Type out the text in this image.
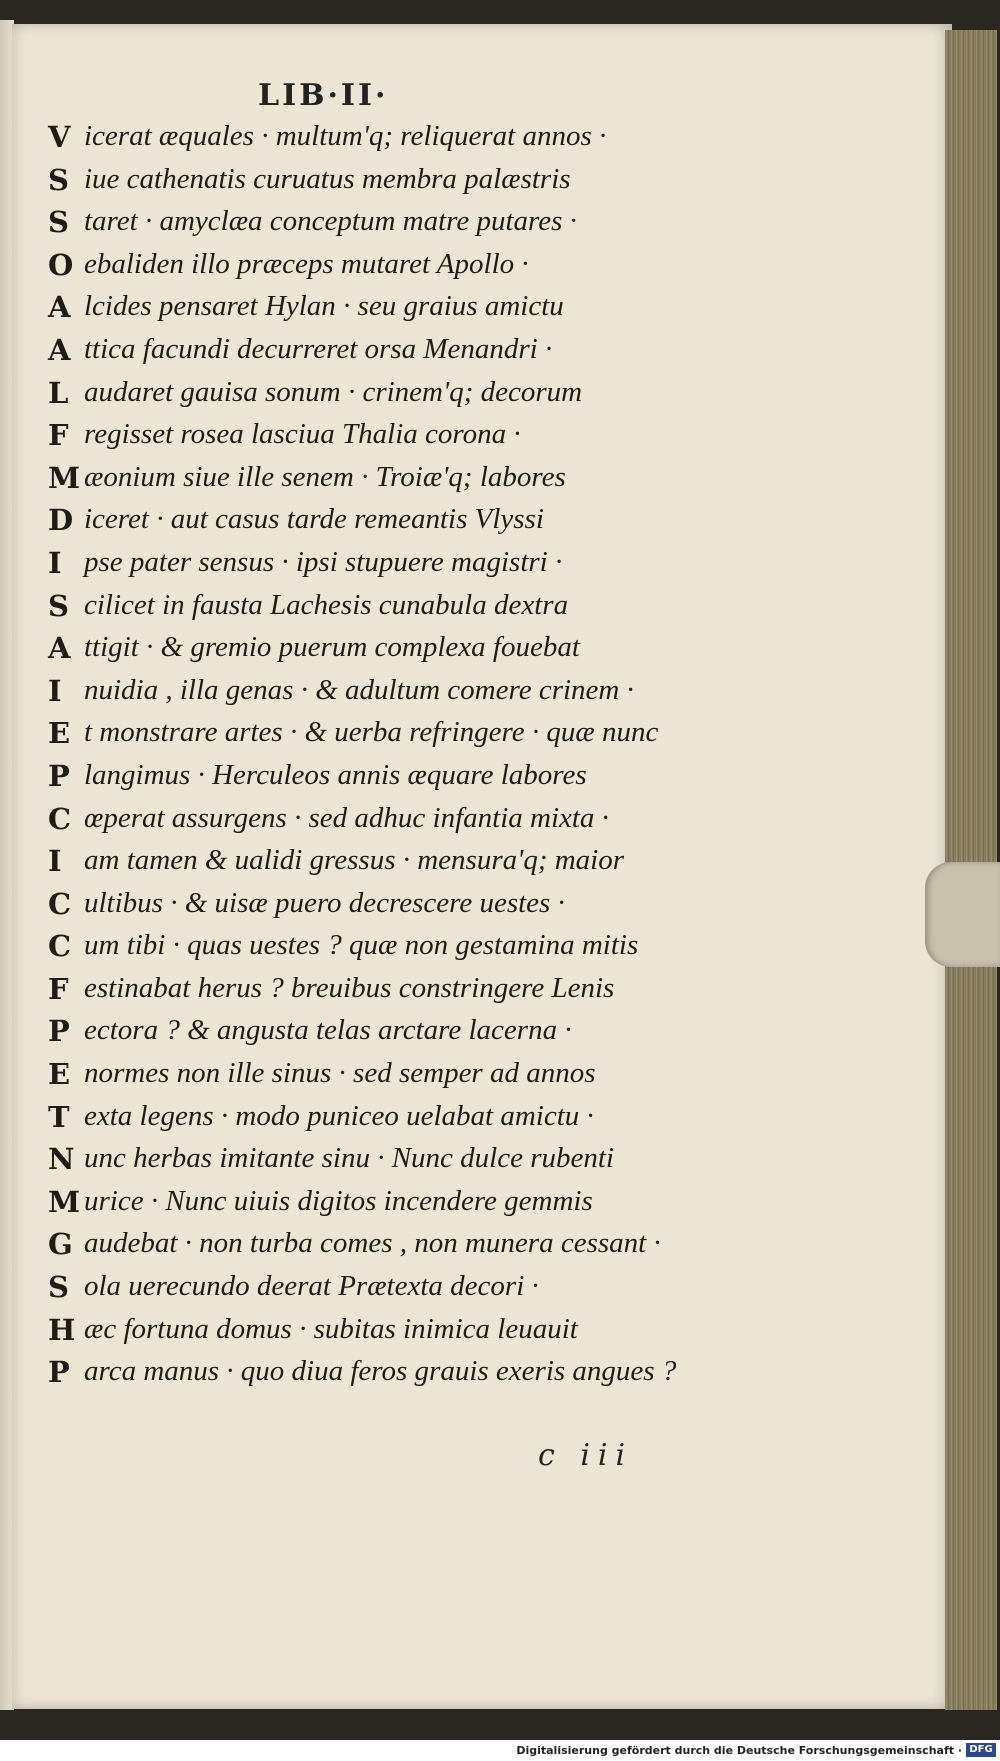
LIB·II·
V icerat æquales · multum'q; reliquerat annos ·
S iue cathenatis curuatus membra palæstris
S taret · amyclæa conceptum matre putares ·
O ebaliden illo præceps mutaret Apollo ·
A lcides pensaret Hylan · seu graius amictu
A ttica facundi decurreret orsa Menandri ·
L audaret gauisa sonum · crinem'q; decorum
F regisset rosea lasciua Thalia corona ·
M æonium siue ille senem · Troiæ'q; labores
D iceret · aut casus tarde remeantis Vlyssi
I pse pater sensus · ipsi stupuere magistri ·
S cilicet in fausta Lachesis cunabula dextra
A ttigit · & gremio puerum complexa fouebat
I nuidia , illa genas · & adultum comere crinem ·
E t monstrare artes · & uerba refringere · quæ nunc
P langimus · Herculeos annis æquare labores
C œperat assurgens · sed adhuc infantia mixta ·
I am tamen & ualidi gressus · mensura'q; maior
C ultibus · & uisæ puero decrescere uestes ·
C um tibi · quas uestes ? quæ non gestamina mitis
F estinabat herus ? breuibus constringere Lenis
P ectora ? & angusta telas arctare lacerna ·
E normes non ille sinus · sed semper ad annos
T exta legens · modo puniceo uelabat amictu ·
N unc herbas imitante sinu · Nunc dulce rubenti
M urice · Nunc uiuis digitos incendere gemmis
G audebat · non turba comes , non munera cessant ·
S ola uerecundo deerat Prætexta decori ·
H æc fortuna domus · subitas inimica leuauit
P arca manus · quo diua feros grauis exeris angues ?
c iii
Digitalisierung gefördert durch die Deutsche Forschungsgemeinschaft · DFG
